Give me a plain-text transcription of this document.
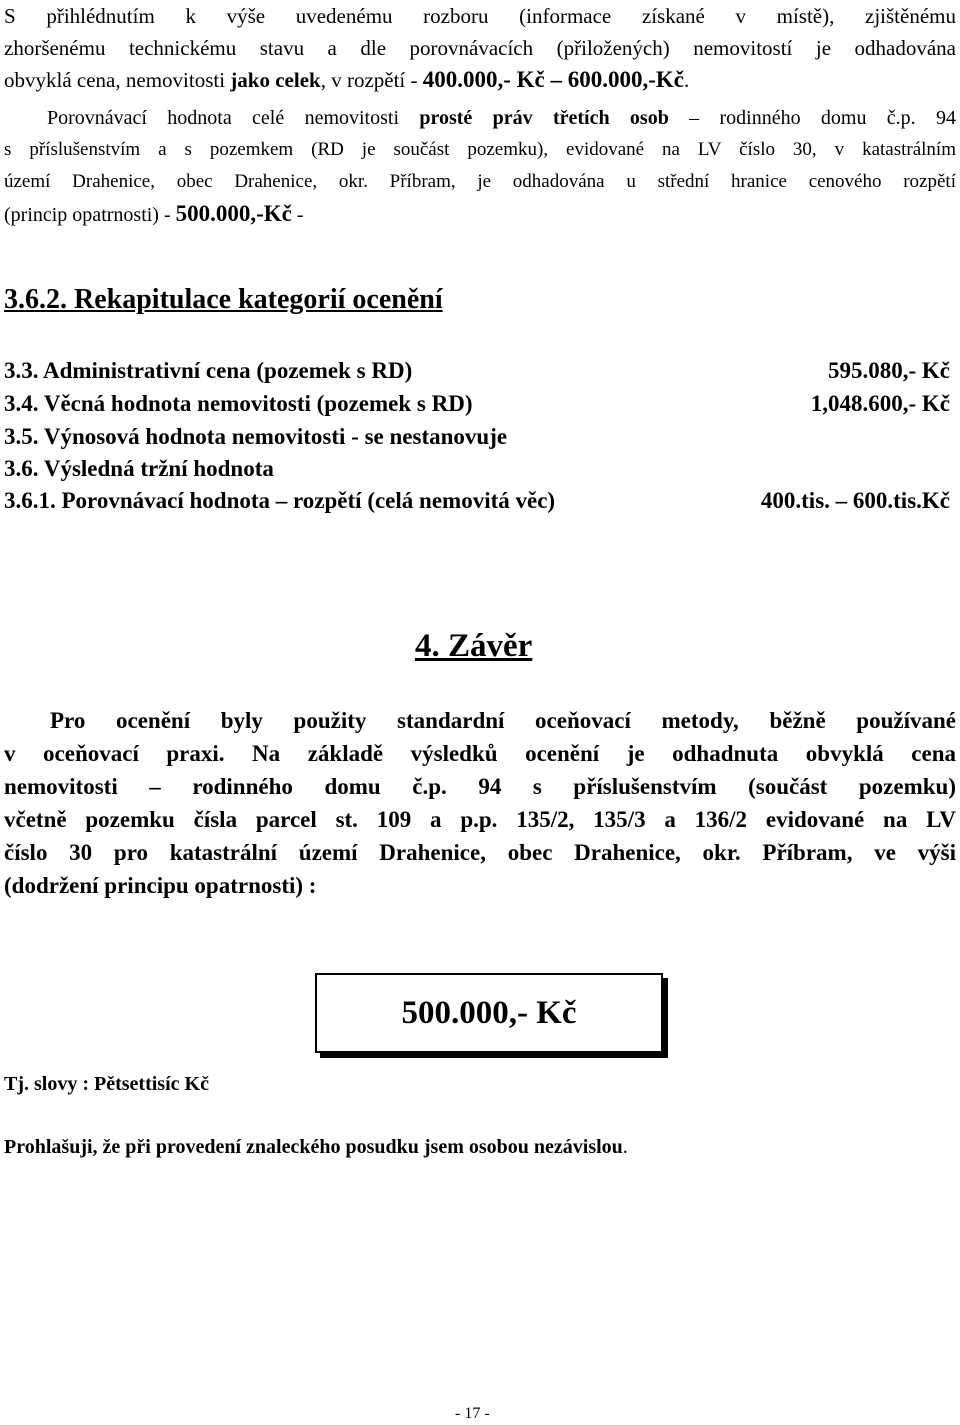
S přihlédnutím k výše uvedenému rozboru (informace získané v místě), zjištěnému
zhoršenému technickému stavu a dle porovnávacích (přiložených) nemovitostí je odhadována
obvyklá cena, nemovitosti jako celek, v rozpětí - 400.000,- Kč – 600.000,-Kč.
Porovnávací hodnota celé nemovitosti prosté práv třetích osob – rodinného domu č.p. 94
s příslušenstvím a s pozemkem (RD je součást pozemku), evidované na LV číslo 30, v katastrálním
území Drahenice, obec Drahenice, okr. Příbram, je odhadována u střední hranice cenového rozpětí
(princip opatrnosti) - 500.000,-Kč -
3.6.2. Rekapitulace kategorií ocenění
3.3. Administrativní cena (pozemek s RD)	595.080,- Kč
3.4. Věcná hodnota nemovitosti (pozemek s RD)	1,048.600,- Kč
3.5. Výnosová hodnota nemovitosti - se nestanovuje
3.6. Výsledná tržní hodnota
3.6.1. Porovnávací hodnota – rozpětí (celá nemovitá věc)	400.tis. – 600.tis.Kč
4. Závěr
Pro ocenění byly použity standardní oceňovací metody, běžně používané
v oceňovací praxi. Na základě výsledků ocenění je odhadnuta obvyklá cena
nemovitosti – rodinného domu č.p. 94 s příslušenstvím (součást pozemku)
včetně pozemku čísla parcel st. 109 a p.p. 135/2, 135/3 a 136/2 evidované na LV
číslo 30 pro katastrální území Drahenice, obec Drahenice, okr. Příbram, ve výši
(dodržení principu opatrnosti) :
500.000,- Kč
Tj. slovy : Pětsettisíc Kč
Prohlašuji, že při provedení znaleckého posudku jsem osobou nezávislou.
- 17 -
